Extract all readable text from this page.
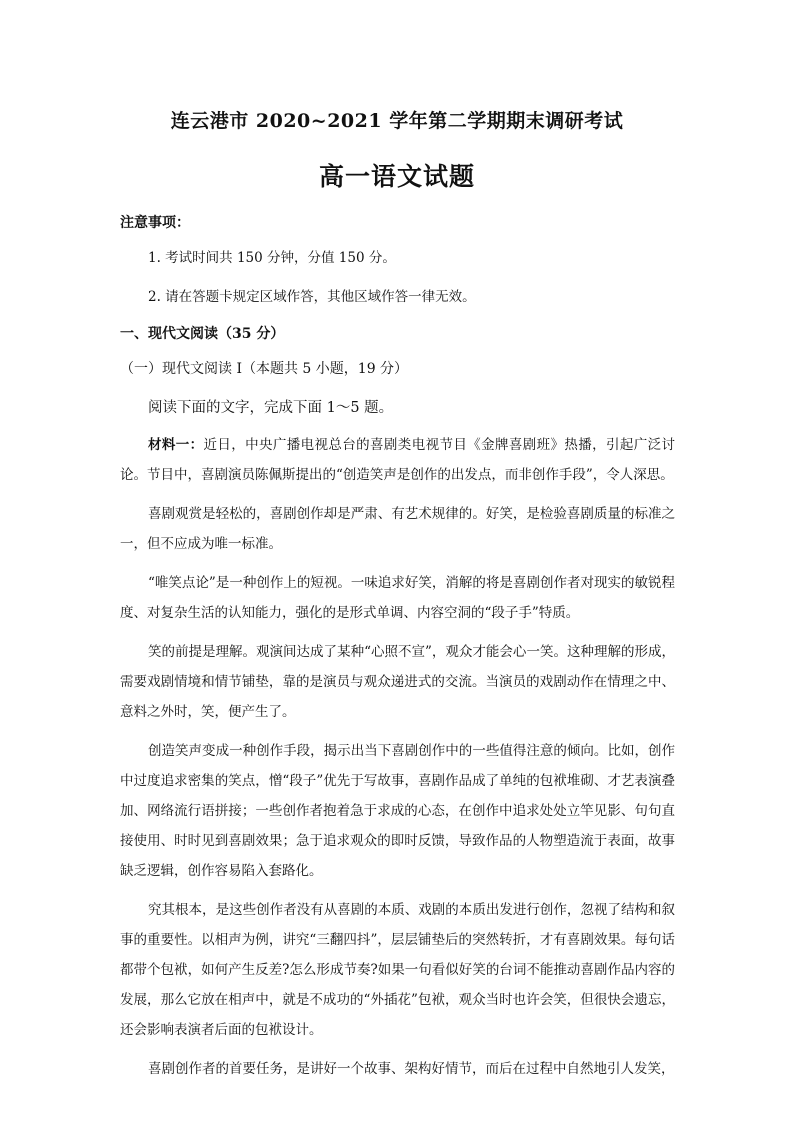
连云港市 2020~2021 学年第二学期期末调研考试
高一语文试题
注意事项：
1. 考试时间共 150 分钟，分值 150 分。
2. 请在答题卡规定区域作答，其他区域作答一律无效。
一、现代文阅读（35 分）
（一）现代文阅读 I（本题共 5 小题，19 分）
阅读下面的文字，完成下面 1～5 题。

材料一：近日，中央广播电视总台的喜剧类电视节目《金牌喜剧班》热播，引起广泛讨论。节目中，喜剧演员陈佩斯提出的“创造笑声是创作的出发点，而非创作手段”，令人深思。

喜剧观赏是轻松的，喜剧创作却是严肃、有艺术规律的。好笑，是检验喜剧质量的标准之一，但不应成为唯一标准。

“唯笑点论”是一种创作上的短视。一味追求好笑，消解的将是喜剧创作者对现实的敏锐程度、对复杂生活的认知能力，强化的是形式单调、内容空洞的“段子手”特质。

笑的前提是理解。观演间达成了某种“心照不宣”，观众才能会心一笑。这种理解的形成，需要戏剧情境和情节铺垫，靠的是演员与观众递进式的交流。当演员的戏剧动作在情理之中、意料之外时，笑，便产生了。

创造笑声变成一种创作手段，揭示出当下喜剧创作中的一些值得注意的倾向。比如，创作中过度追求密集的笑点，憎“段子”优先于写故事，喜剧作品成了单纯的包袱堆砌、才艺表演叠加、网络流行语拼接；一些创作者抱着急于求成的心态，在创作中追求处处立竿见影、句句直接使用、时时见到喜剧效果；急于追求观众的即时反馈，导致作品的人物塑造流于表面，故事缺乏逻辑，创作容易陷入套路化。

究其根本，是这些创作者没有从喜剧的本质、戏剧的本质出发进行创作，忽视了结构和叙事的重要性。以相声为例，讲究“三翻四抖”，层层铺垫后的突然转折，才有喜剧效果。每句话都带个包袱，如何产生反差?怎么形成节奏?如果一句看似好笑的台词不能推动喜剧作品内容的发展，那么它放在相声中，就是不成功的“外插花”包袱，观众当时也许会笑，但很快会遗忘，还会影响表演者后面的包袱设计。

喜剧创作者的首要任务，是讲好一个故事、架构好情节，而后在过程中自然地引人发笑，
